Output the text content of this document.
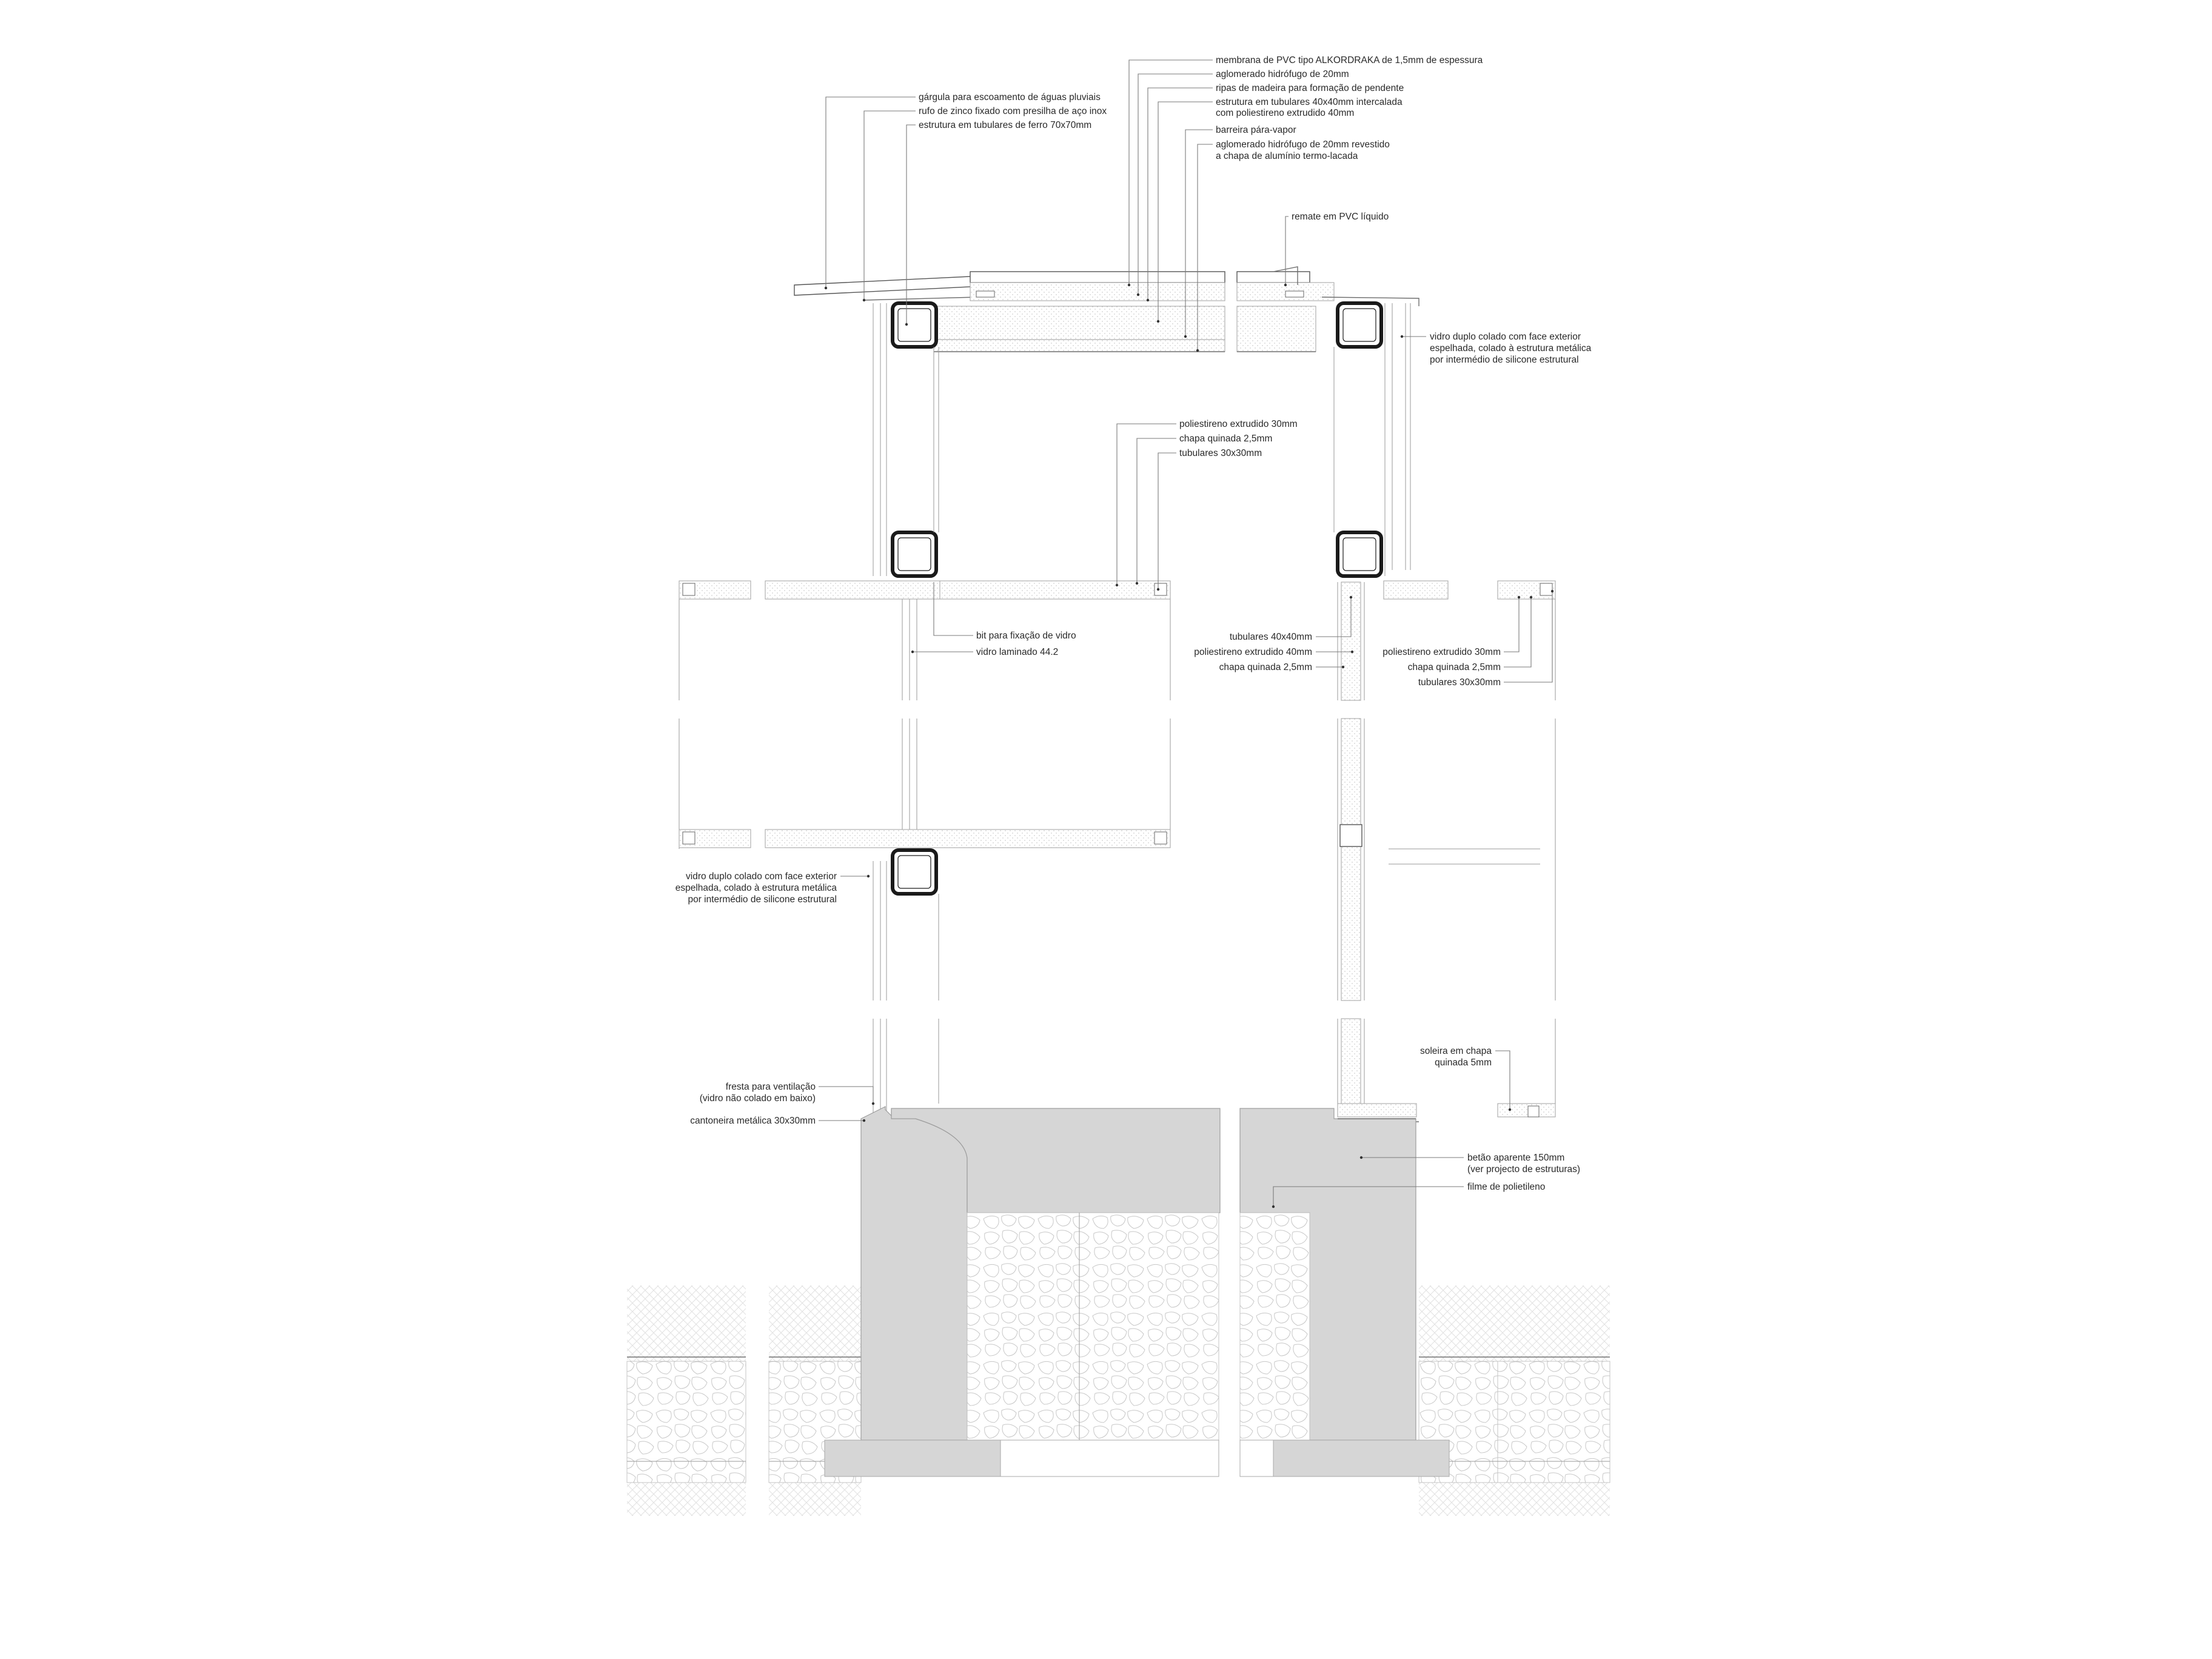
membrana de PVC tipo ALKORDRAKA de 1,5mm de espessura
aglomerado hidrófugo de 20mm
ripas de madeira para formação de pendente
estrutura em tubulares 40x40mm intercalada
com poliestireno extrudido 40mm
barreira pára-vapor
aglomerado hidrófugo de 20mm revestido
a chapa de alumínio termo-lacada
gárgula para escoamento de águas pluviais
rufo de zinco fixado com presilha de aço inox
estrutura em tubulares de ferro 70x70mm
remate em PVC líquido
vidro duplo colado com face exterior
espelhada, colado à estrutura metálica
por intermédio de silicone estrutural
poliestireno extrudido 30mm
chapa quinada 2,5mm
tubulares 30x30mm
bit para fixação de vidro
vidro laminado 44.2
tubulares 40x40mm
poliestireno extrudido 40mm
chapa quinada 2,5mm
poliestireno extrudido 30mm
chapa quinada 2,5mm
tubulares 30x30mm
vidro duplo colado com face exterior
espelhada, colado à estrutura metálica
por intermédio de silicone estrutural
soleira em chapa
quinada 5mm
fresta para ventilação
(vidro não colado em baixo)
cantoneira metálica 30x30mm
betão aparente 150mm
(ver projecto de estruturas)
filme de polietileno
